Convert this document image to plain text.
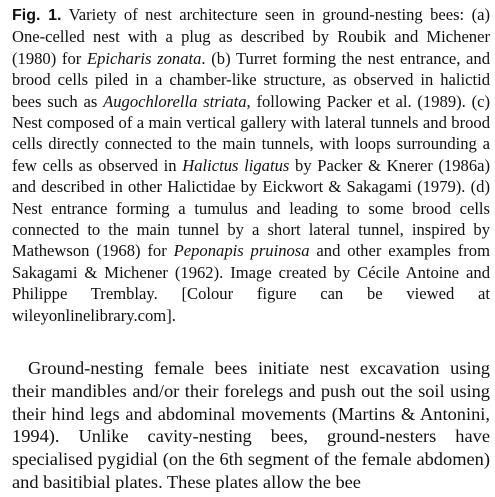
Fig. 1. Variety of nest architecture seen in ground-nesting bees: (a) One-celled nest with a plug as described by Roubik and Michener (1980) for Epicharis zonata. (b) Turret forming the nest entrance, and brood cells piled in a chamber-like structure, as observed in halictid bees such as Augochlorella striata, following Packer et al. (1989). (c) Nest composed of a main vertical gallery with lateral tunnels and brood cells directly connected to the main tunnels, with loops surrounding a few cells as observed in Halictus ligatus by Packer & Knerer (1986a) and described in other Halictidae by Eickwort & Sakagami (1979). (d) Nest entrance forming a tumulus and leading to some brood cells connected to the main tunnel by a short lateral tunnel, inspired by Mathewson (1968) for Peponapis pruinosa and other examples from Sakagami & Michener (1962). Image created by Cécile Antoine and Philippe Tremblay. [Colour figure can be viewed at wileyonlinelibrary.com].

Ground-nesting female bees initiate nest excavation using their mandibles and/or their forelegs and push out the soil using their hind legs and abdominal movements (Martins & Antonini, 1994). Unlike cavity-nesting bees, ground-nesters have specialised pygidial (on the 6th segment of the female abdomen) and basitibial plates. These plates allow the bee
